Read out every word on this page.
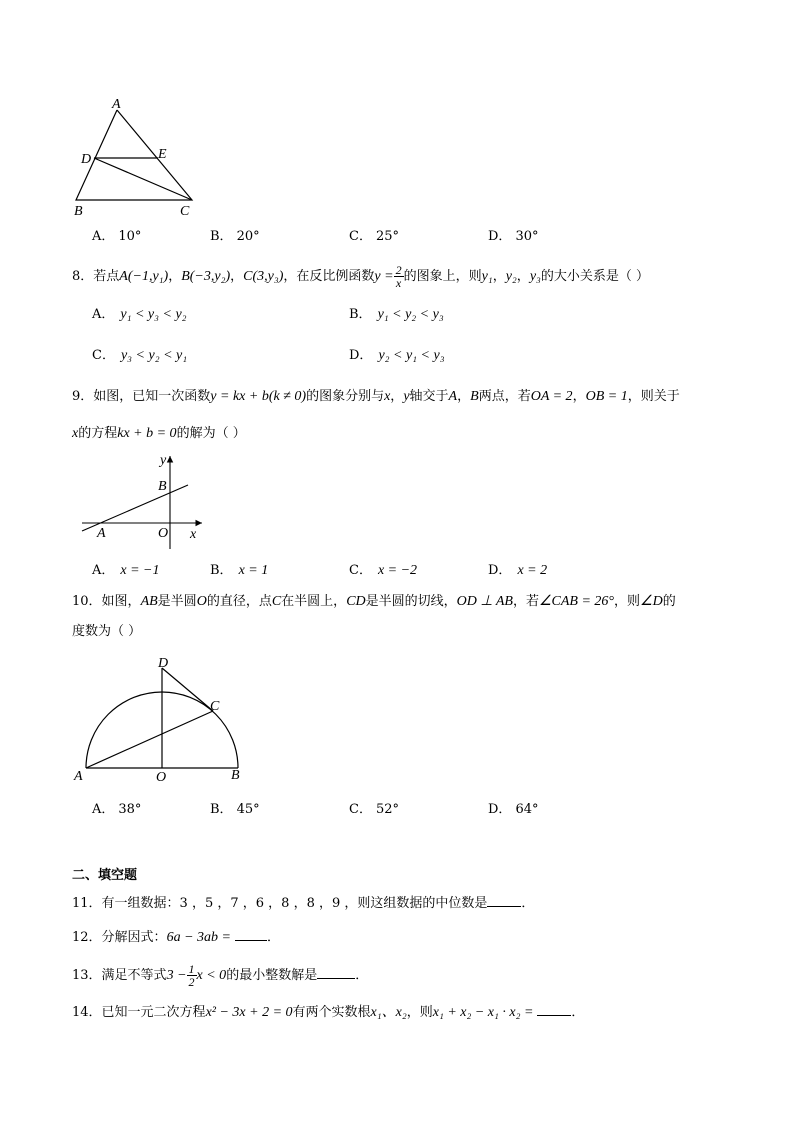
A
D	E
B	C
A． 10°	B． 20°	C． 25°	D． 30°
8．若点A(−1,y₁)，B(−3,y₂)，C(3,y₃)，在反比例函数$y = \frac{2}{x}$ 的图象上，则y₁，y₂，y₃的大小关系是（ ）
A． y₁ < y₃ < y₂	B． y₁ < y₂ < y₃
C． y₃ < y₂ < y₁	D． y₂ < y₁ < y₃
9．如图，已知一次函数y = kx + b(k ≠ 0)的图象分别与x，y轴交于A，B两点，若OA = 2，OB = 1，则关于
x的方程kx + b = 0的解为（ ）
y
B
A	O x
A． x = −1	B． x = 1	C． x = −2	D． x = 2
10．如图，AB是半圆O的直径，点C在半圆上，CD是半圆的切线，OD ⊥ AB，若∠CAB = 26°，则∠D的
度数为（ ）
D
C
A	O	B
A． 38°	B． 45°	C． 52°	D． 64°
二、填空题
11．有一组数据：3 ，5 ，7 ，6 ，8 ，8 ，9 ，则这组数据的中位数是	．
12．分解因式：6a − 3ab =	．
13．满足不等式$3 - \frac{1}{2}$ x < 0的最小整数解是	．
14．已知一元二次方程x² − 3x + 2 = 0有两个实数根x₁、x₂，则x₁ + x₂ − x₁ · x₂ =	．
